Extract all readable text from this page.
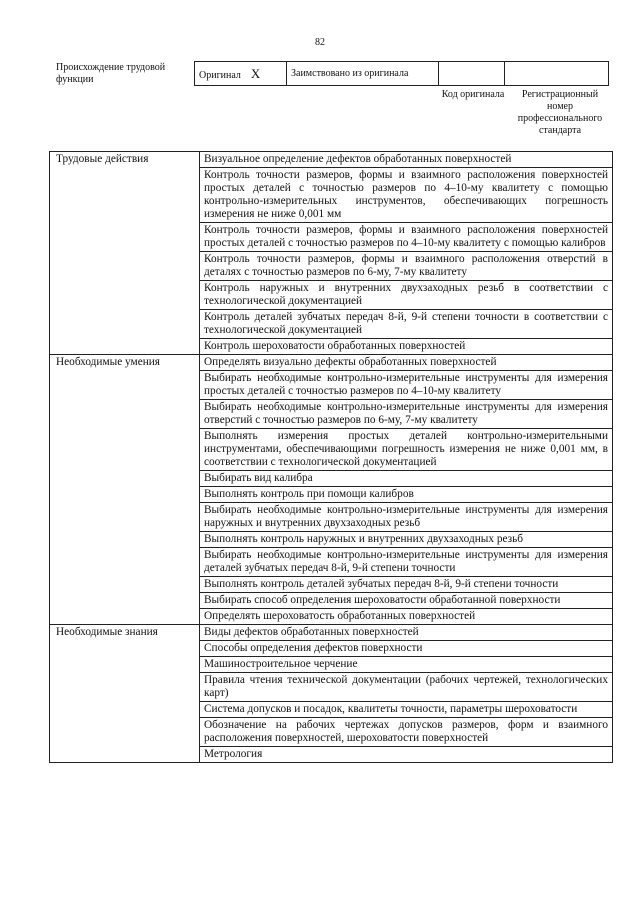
82
Происхождение трудовой функции	Оригинал X	Заимствовано из оригинала		
Код оригинала	Регистрационный номер профессионального стандарта
Трудовые действия	Визуальное определение дефектов обработанных поверхностей
	Контроль точности размеров, формы и взаимного расположения поверхностей простых деталей с точностью размеров по 4–10-му квалитету с помощью контрольно-измерительных инструментов, обеспечивающих погрешность измерения не ниже 0,001 мм
	Контроль точности размеров, формы и взаимного расположения поверхностей простых деталей с точностью размеров по 4–10-му квалитету с помощью калибров
	Контроль точности размеров, формы и взаимного расположения отверстий в деталях с точностью размеров по 6-му, 7-му квалитету
	Контроль наружных и внутренних двухзаходных резьб в соответствии с технологической документацией
	Контроль деталей зубчатых передач 8-й, 9-й степени точности в соответствии с технологической документацией
	Контроль шероховатости обработанных поверхностей
Необходимые умения	Определять визуально дефекты обработанных поверхностей
	Выбирать необходимые контрольно-измерительные инструменты для измерения простых деталей с точностью размеров по 4–10-му квалитету
	Выбирать необходимые контрольно-измерительные инструменты для измерения отверстий с точностью размеров по 6-му, 7-му квалитету
	Выполнять измерения простых деталей контрольно-измерительными инструментами, обеспечивающими погрешность измерения не ниже 0,001 мм, в соответствии с технологической документацией
	Выбирать вид калибра
	Выполнять контроль при помощи калибров
	Выбирать необходимые контрольно-измерительные инструменты для измерения наружных и внутренних двухзаходных резьб
	Выполнять контроль наружных и внутренних двухзаходных резьб
	Выбирать необходимые контрольно-измерительные инструменты для измерения деталей зубчатых передач 8-й, 9-й степени точности
	Выполнять контроль деталей зубчатых передач 8-й, 9-й степени точности
	Выбирать способ определения шероховатости обработанной поверхности
	Определять шероховатость обработанных поверхностей
Необходимые знания	Виды дефектов обработанных поверхностей
	Способы определения дефектов поверхности
	Машиностроительное черчение
	Правила чтения технической документации (рабочих чертежей, технологических карт)
	Система допусков и посадок, квалитеты точности, параметры шероховатости
	Обозначение на рабочих чертежах допусков размеров, форм и взаимного расположения поверхностей, шероховатости поверхностей
	Метрология
